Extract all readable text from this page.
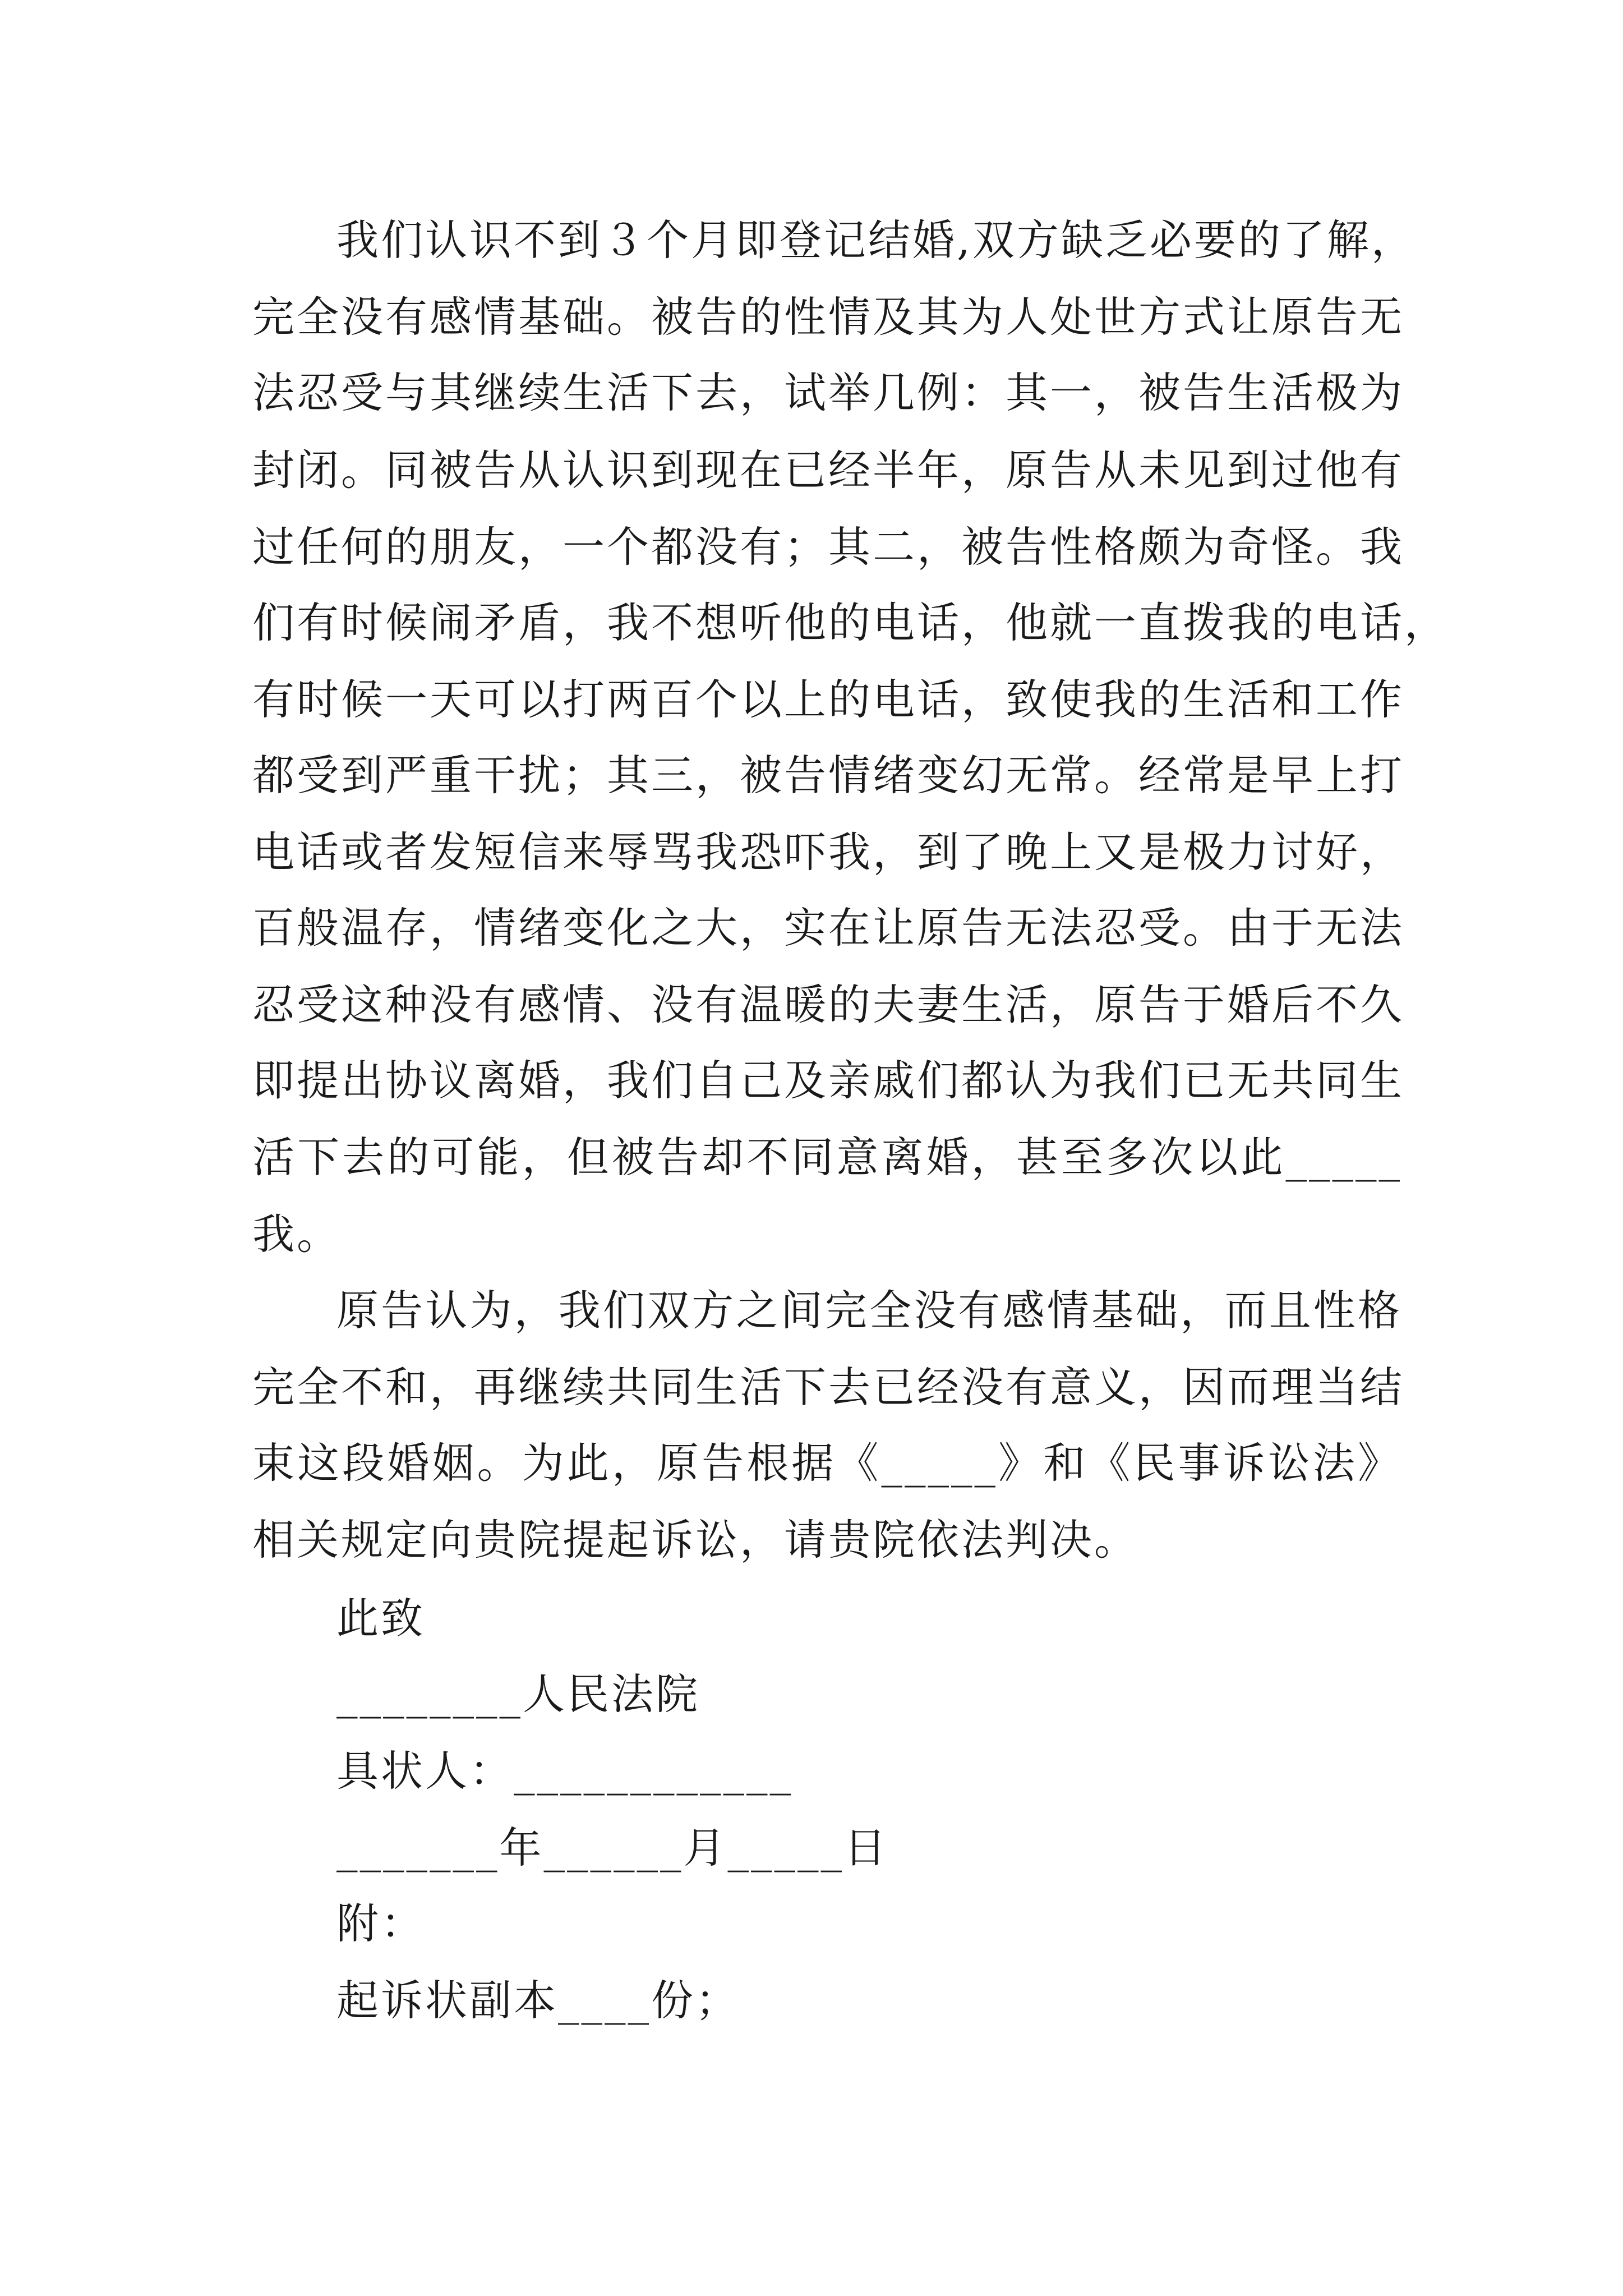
我们认识不到３个月即登记结婚,双方缺乏必要的了解，
完全没有感情基础。被告的性情及其为人处世方式让原告无
法忍受与其继续生活下去，试举几例：其一，被告生活极为
封闭。同被告从认识到现在已经半年，原告从未见到过他有
过任何的朋友，一个都没有；其二，被告性格颇为奇怪。我
们有时候闹矛盾，我不想听他的电话，他就一直拨我的电话，
有时候一天可以打两百个以上的电话，致使我的生活和工作
都受到严重干扰；其三，被告情绪变幻无常。经常是早上打
电话或者发短信来辱骂我恐吓我，到了晚上又是极力讨好，
百般温存，情绪变化之大，实在让原告无法忍受。由于无法
忍受这种没有感情、没有温暖的夫妻生活，原告于婚后不久
即提出协议离婚，我们自己及亲戚们都认为我们已无共同生
活下去的可能，但被告却不同意离婚，甚至多次以此_____
我。
原告认为，我们双方之间完全没有感情基础，而且性格
完全不和，再继续共同生活下去已经没有意义，因而理当结
束这段婚姻。为此，原告根据《_____》和《民事诉讼法》
相关规定向贵院提起诉讼，请贵院依法判决。
此致
________人民法院
具状人：____________
_______年______月_____日
附：
起诉状副本____份；
